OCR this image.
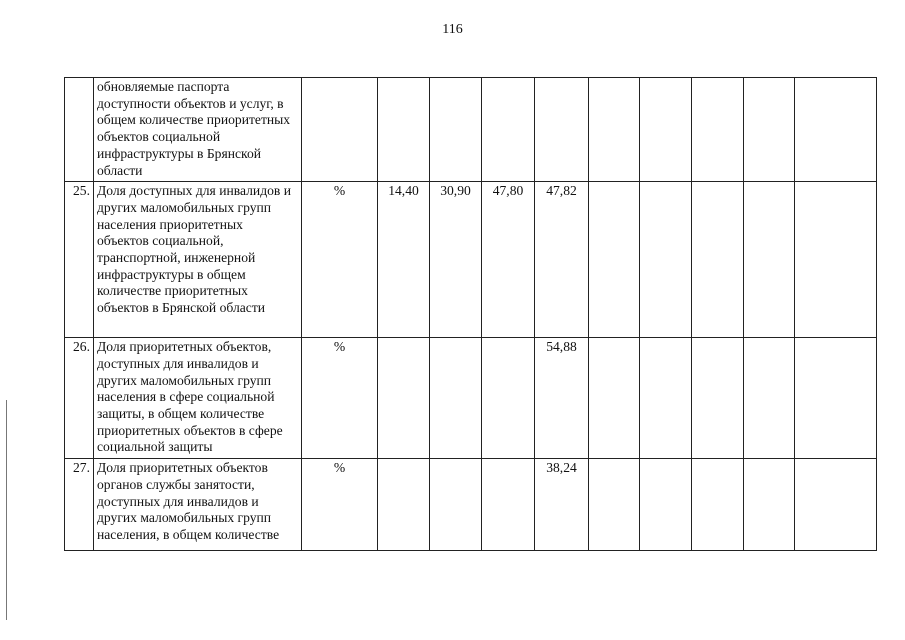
116
	обновляемые паспорта доступности объектов и услуг, в общем количестве приоритетных объектов социальной инфраструктуры в Брянской области										
25.	Доля доступных для инвалидов и других маломобильных групп населения приоритетных объектов социальной, транспортной, инженерной инфраструктуры в общем количестве приоритетных объектов в Брянской области	%	14,40	30,90	47,80	47,82					
26.	Доля приоритетных объектов, доступных для инвалидов и других маломобильных групп населения в сфере социальной защиты, в общем количестве приоритетных объектов в сфере социальной защиты	%				54,88					
27.	Доля приоритетных объектов органов службы занятости, доступных для инвалидов и других маломобильных групп населения, в общем количестве	%				38,24					
